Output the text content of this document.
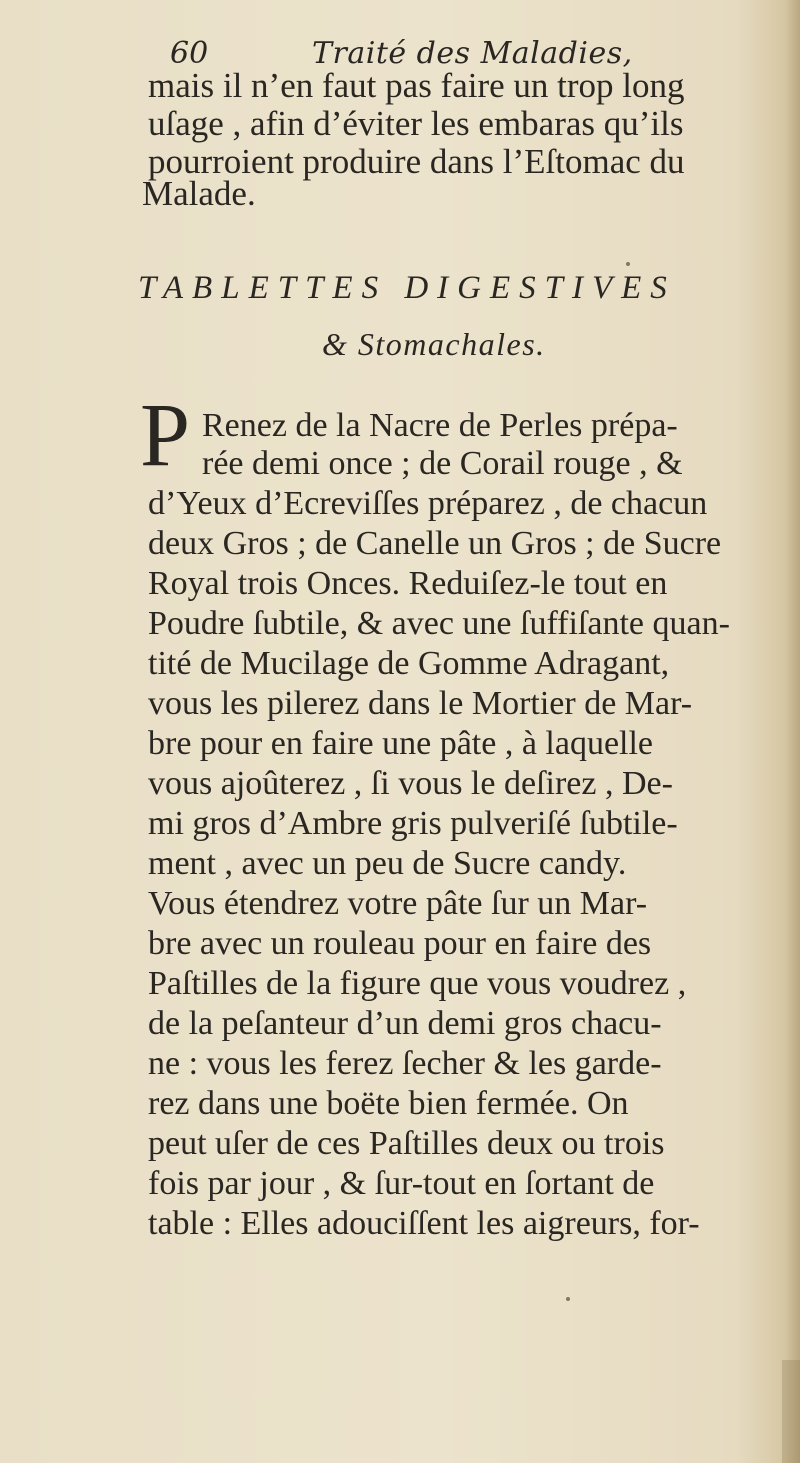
60	Traité des Maladies,
mais il n’en faut pas faire un trop long
uſage , afin d’éviter les embaras qu’ils
pourroient produire dans l’Eſtomac du
Malade.
TABLETTES DIGESTIVES
& Stomachales.
P Renez de la Nacre de Perles prépa-
rée demi once ; de Corail rouge , &
d’Yeux d’Ecreviſſes préparez , de chacun
deux Gros ; de Canelle un Gros ; de Sucre
Royal trois Onces. Reduiſez-le tout en
Poudre ſubtile, & avec une ſuffiſante quan-
tité de Mucilage de Gomme Adragant,
vous les pilerez dans le Mortier de Mar-
bre pour en faire une pâte , à laquelle
vous ajoûterez , ſi vous le deſirez , De-
mi gros d’Ambre gris pulveriſé ſubtile-
ment , avec un peu de Sucre candy.
Vous étendrez votre pâte ſur un Mar-
bre avec un rouleau pour en faire des
Paſtilles de la figure que vous voudrez ,
de la peſanteur d’un demi gros chacu-
ne : vous les ferez ſecher & les garde-
rez dans une boëte bien fermée. On
peut uſer de ces Paſtilles deux ou trois
fois par jour , & ſur-tout en ſortant de
table : Elles adouciſſent les aigreurs, for-
